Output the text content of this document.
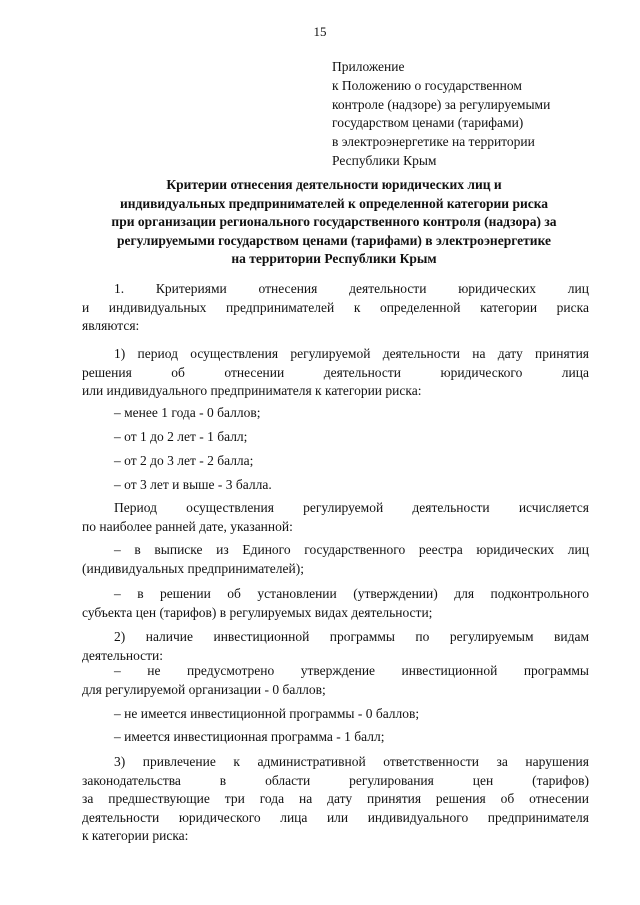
15
Приложение
к Положению о государственном
контроле (надзоре) за регулируемыми
государством ценами (тарифами)
в электроэнергетике на территории
Республики Крым
Критерии отнесения деятельности юридических лиц и
индивидуальных предпринимателей к определенной категории риска
при организации регионального государственного контроля (надзора) за
регулируемыми государством ценами (тарифами) в электроэнергетике
на территории Республики Крым
1. Критериями отнесения деятельности юридических лиц
и индивидуальных предпринимателей к определенной категории риска
являются:
1) период осуществления регулируемой деятельности на дату принятия
решения об отнесении деятельности юридического лица
или индивидуального предпринимателя к категории риска:
– менее 1 года - 0 баллов;
– от 1 до 2 лет - 1 балл;
– от 2 до 3 лет - 2 балла;
– от 3 лет и выше - 3 балла.
Период осуществления регулируемой деятельности исчисляется
по наиболее ранней дате, указанной:
– в выписке из Единого государственного реестра юридических лиц
(индивидуальных предпринимателей);
– в решении об установлении (утверждении) для подконтрольного
субъекта цен (тарифов) в регулируемых видах деятельности;
2) наличие инвестиционной программы по регулируемым видам
деятельности:
– не предусмотрено утверждение инвестиционной программы
для регулируемой организации - 0 баллов;
– не имеется инвестиционной программы - 0 баллов;
– имеется инвестиционная программа - 1 балл;
3) привлечение к административной ответственности за нарушения
законодательства в области регулирования цен (тарифов)
за предшествующие три года на дату принятия решения об отнесении
деятельности юридического лица или индивидуального предпринимателя
к категории риска:
